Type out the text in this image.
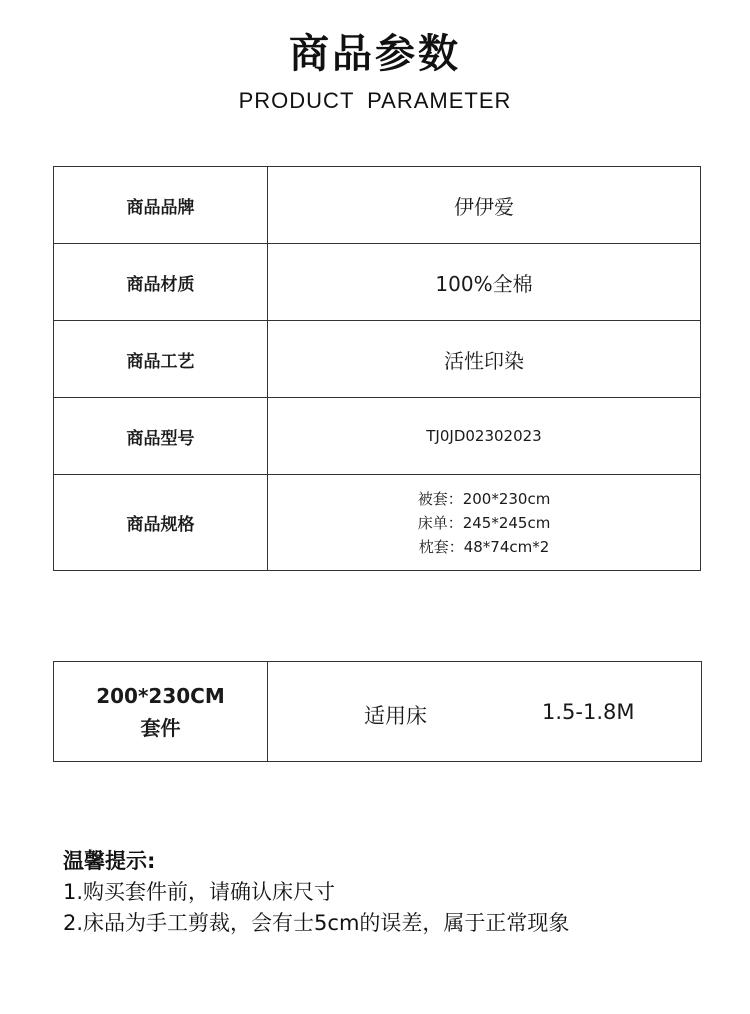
商品参数
PRODUCT PARAMETER
商品品牌	伊伊爱
商品材质	100%全棉
商品工艺	活性印染
商品型号	TJ0JD02302023
商品规格	被套：200*230cm
床单：245*245cm
枕套：48*74cm*2
200*230CM
套件	适用床	1.5-1.8M
温馨提示:
1.购买套件前，请确认床尺寸
2.床品为手工剪裁，会有士5cm的误差，属于正常现象
